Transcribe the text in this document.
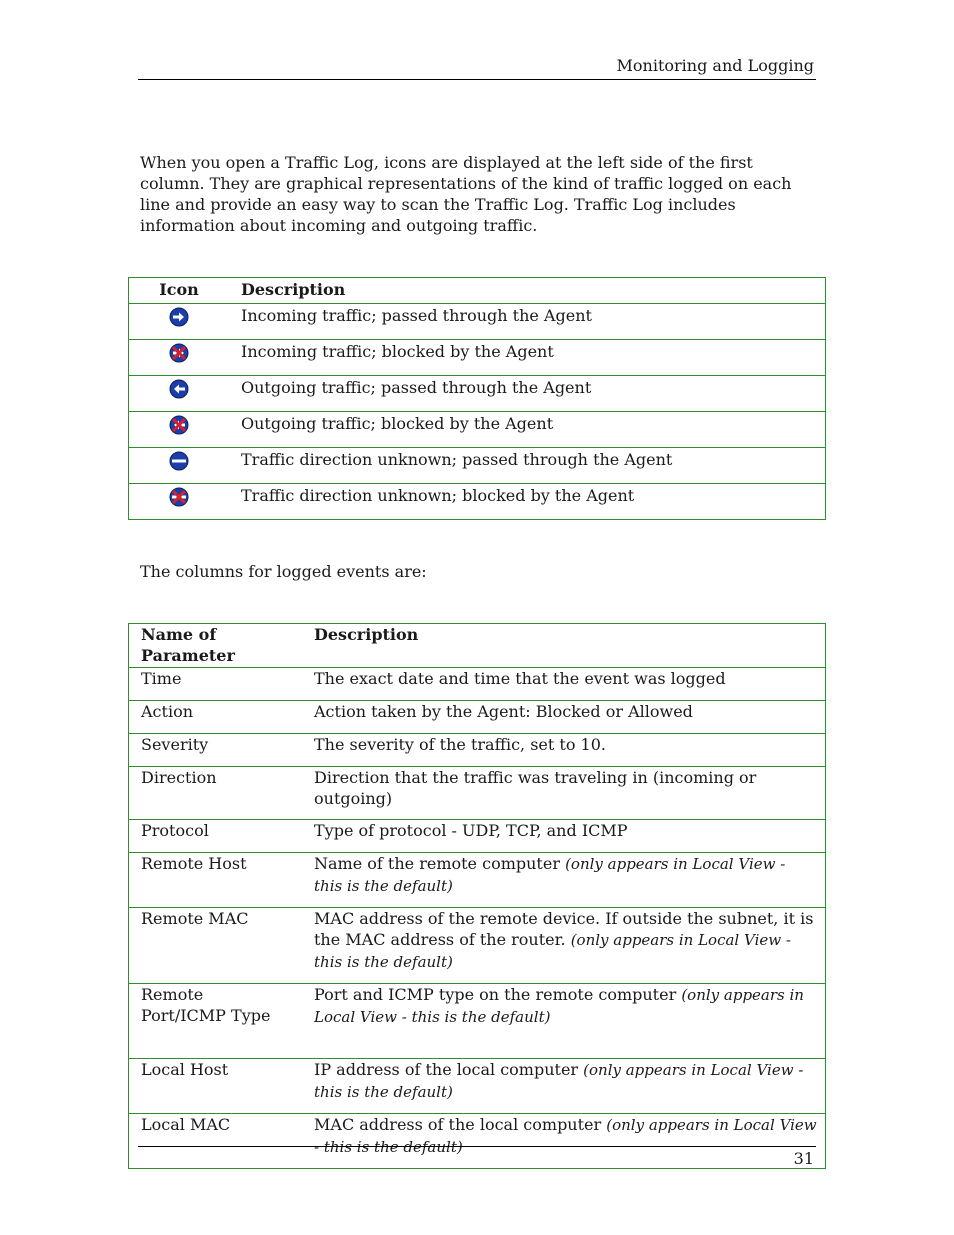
Monitoring and Logging

When you open a Traffic Log, icons are displayed at the left side of the first column. They are graphical representations of the kind of traffic logged on each line and provide an easy way to scan the Traffic Log. Traffic Log includes information about incoming and outgoing traffic.

Icon	Description
	Incoming traffic; passed through the Agent
	Incoming traffic; blocked by the Agent
	Outgoing traffic; passed through the Agent
	Outgoing traffic; blocked by the Agent
	Traffic direction unknown; passed through the Agent
	Traffic direction unknown; blocked by the Agent

The columns for logged events are:

Name of
Parameter	Description
Time	The exact date and time that the event was logged
Action	Action taken by the Agent: Blocked or Allowed
Severity	The severity of the traffic, set to 10.
Direction	Direction that the traffic was traveling in (incoming or outgoing)
Protocol	Type of protocol - UDP, TCP, and ICMP
Remote Host	Name of the remote computer (only appears in Local View - this is the default)
Remote MAC	MAC address of the remote device. If outside the subnet, it is the MAC address of the router. (only appears in Local View - this is the default)
Remote Port/ICMP Type	Port and ICMP type on the remote computer (only appears in Local View - this is the default)
Local Host	IP address of the local computer (only appears in Local View - this is the default)
Local MAC	MAC address of the local computer (only appears in Local View - this is the default)
31
